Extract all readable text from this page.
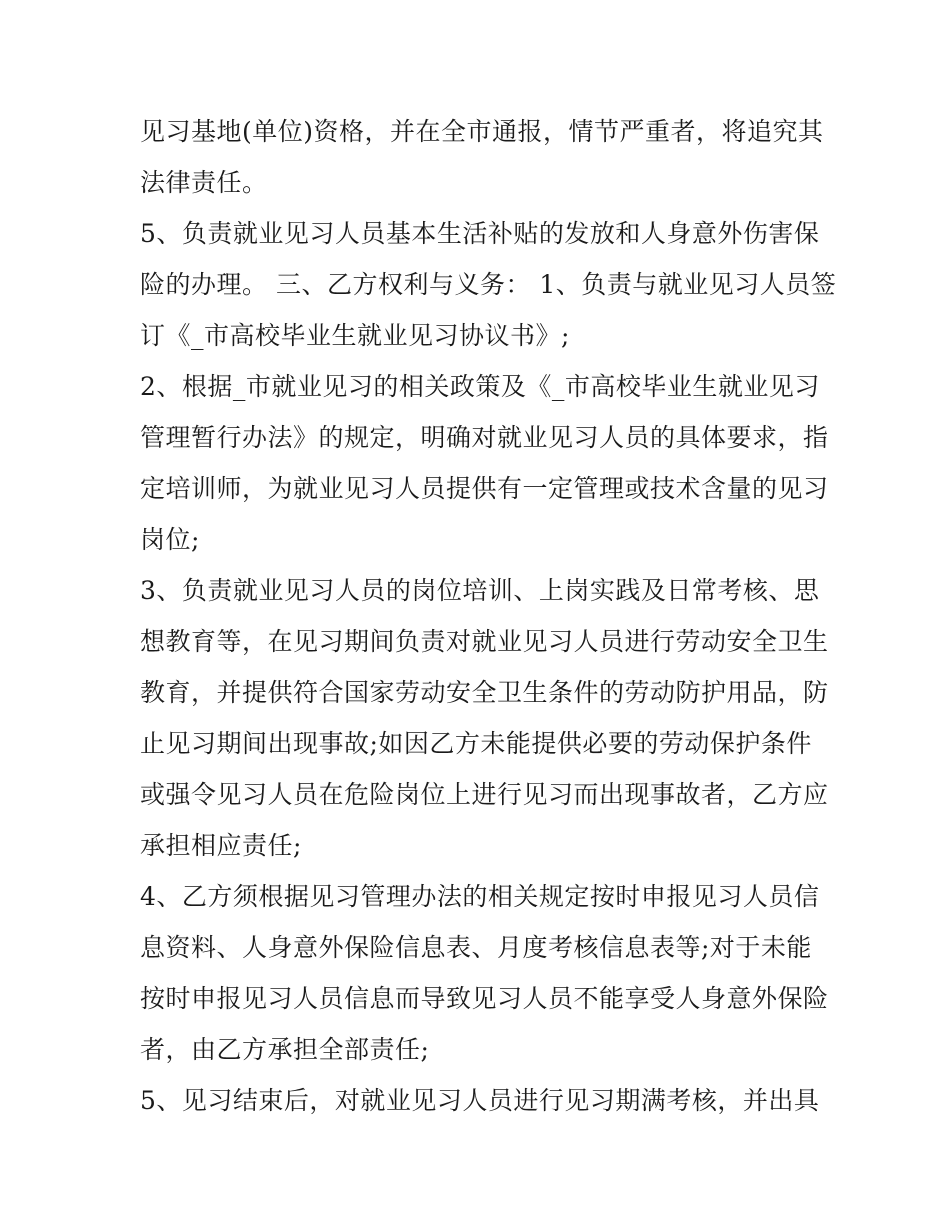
见习基地(单位)资格，并在全市通报，情节严重者，将追究其
法律责任。
5、负责就业见习人员基本生活补贴的发放和人身意外伤害保
险的办理。 三、乙方权利与义务： 1、负责与就业见习人员签
订《_市高校毕业生就业见习协议书》;
2、根据_市就业见习的相关政策及《_市高校毕业生就业见习
管理暂行办法》的规定，明确对就业见习人员的具体要求，指
定培训师，为就业见习人员提供有一定管理或技术含量的见习
岗位;
3、负责就业见习人员的岗位培训、上岗实践及日常考核、思
想教育等，在见习期间负责对就业见习人员进行劳动安全卫生
教育，并提供符合国家劳动安全卫生条件的劳动防护用品，防
止见习期间出现事故;如因乙方未能提供必要的劳动保护条件
或强令见习人员在危险岗位上进行见习而出现事故者，乙方应
承担相应责任;
4、乙方须根据见习管理办法的相关规定按时申报见习人员信
息资料、人身意外保险信息表、月度考核信息表等;对于未能
按时申报见习人员信息而导致见习人员不能享受人身意外保险
者，由乙方承担全部责任;
5、见习结束后，对就业见习人员进行见习期满考核，并出具
